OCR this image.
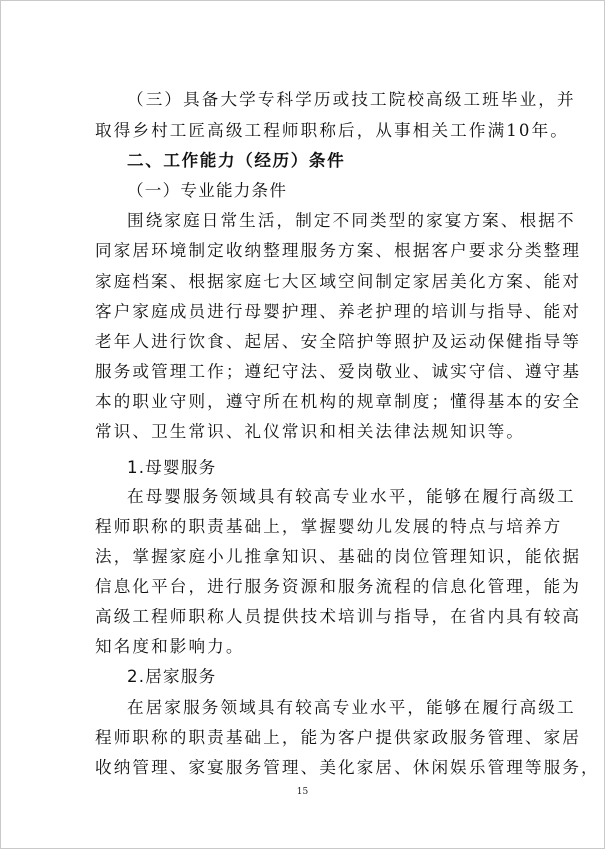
（三）具备大学专科学历或技工院校高级工班毕业，并
取得乡村工匠高级工程师职称后，从事相关工作满10年。
二、工作能力（经历）条件
（一）专业能力条件
围绕家庭日常生活，制定不同类型的家宴方案、根据不
同家居环境制定收纳整理服务方案、根据客户要求分类整理
家庭档案、根据家庭七大区域空间制定家居美化方案、能对
客户家庭成员进行母婴护理、养老护理的培训与指导、能对
老年人进行饮食、起居、安全陪护等照护及运动保健指导等
服务或管理工作；遵纪守法、爱岗敬业、诚实守信、遵守基
本的职业守则，遵守所在机构的规章制度；懂得基本的安全
常识、卫生常识、礼仪常识和相关法律法规知识等。
1.母婴服务
在母婴服务领域具有较高专业水平，能够在履行高级工
程师职称的职责基础上，掌握婴幼儿发展的特点与培养方
法，掌握家庭小儿推拿知识、基础的岗位管理知识，能依据
信息化平台，进行服务资源和服务流程的信息化管理，能为
高级工程师职称人员提供技术培训与指导，在省内具有较高
知名度和影响力。
2.居家服务
在居家服务领域具有较高专业水平，能够在履行高级工
程师职称的职责基础上，能为客户提供家政服务管理、家居
收纳管理、家宴服务管理、美化家居、休闲娱乐管理等服务，
15
